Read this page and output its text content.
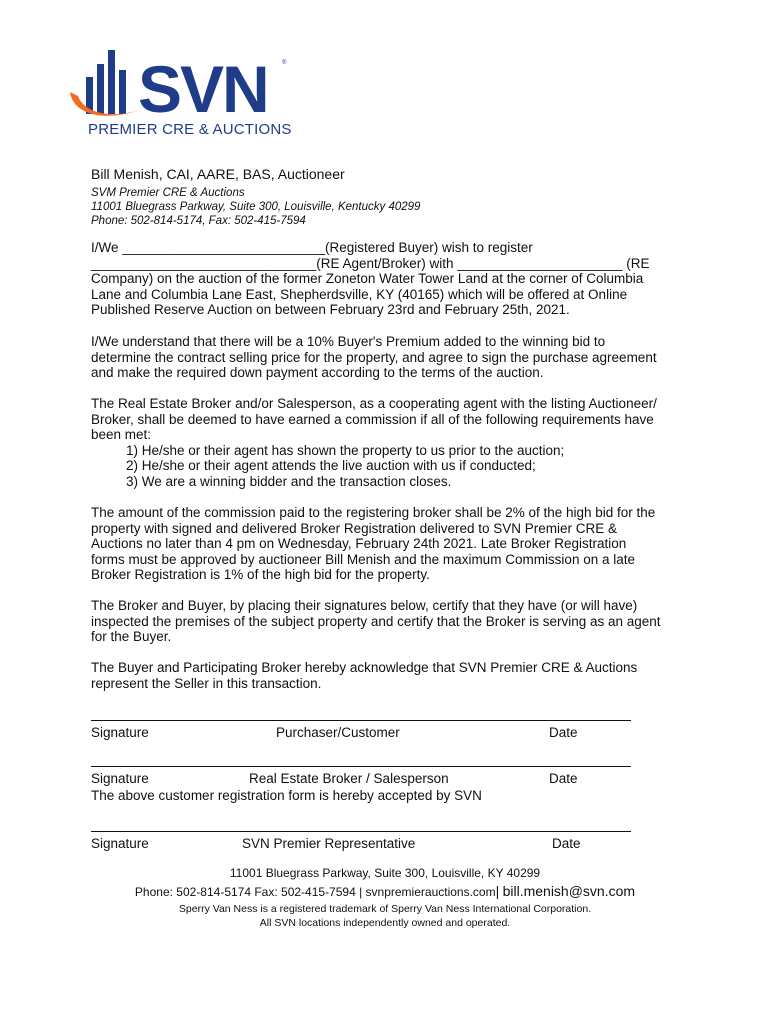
SVN ®
PREMIER CRE & AUCTIONS
Bill Menish, CAI, AARE, BAS, Auctioneer
SVM Premier CRE & Auctions
11001 Bluegrass Parkway, Suite 300, Louisville, Kentucky 40299
Phone: 502-814-5174, Fax: 502-415-7594
I/We ___________________________(Registered Buyer) wish to register
______________________________(RE Agent/Broker) with ______________________ (RE
Company) on the auction of the former Zoneton Water Tower Land at the corner of Columbia
Lane and Columbia Lane East, Shepherdsville, KY (40165) which will be offered at Online
Published Reserve Auction on between February 23rd and February 25th, 2021.
I/We understand that there will be a 10% Buyer's Premium added to the winning bid to
determine the contract selling price for the property, and agree to sign the purchase agreement
and make the required down payment according to the terms of the auction.
The Real Estate Broker and/or Salesperson, as a cooperating agent with the listing Auctioneer/
Broker, shall be deemed to have earned a commission if all of the following requirements have
been met:
1) He/she or their agent has shown the property to us prior to the auction;
2) He/she or their agent attends the live auction with us if conducted;
3) We are a winning bidder and the transaction closes.
The amount of the commission paid to the registering broker shall be 2% of the high bid for the
property with signed and delivered Broker Registration delivered to SVN Premier CRE &
Auctions no later than 4 pm on Wednesday, February 24th 2021. Late Broker Registration
forms must be approved by auctioneer Bill Menish and the maximum Commission on a late
Broker Registration is 1% of the high bid for the property.
The Broker and Buyer, by placing their signatures below, certify that they have (or will have)
inspected the premises of the subject property and certify that the Broker is serving as an agent
for the Buyer.
The Buyer and Participating Broker hereby acknowledge that SVN Premier CRE & Auctions
represent the Seller in this transaction.
Signature	Purchaser/Customer	Date
Signature	Real Estate Broker / Salesperson	Date
The above customer registration form is hereby accepted by SVN
Signature	SVN Premier Representative	Date
11001 Bluegrass Parkway, Suite 300, Louisville, KY 40299
Phone: 502-814-5174 Fax: 502-415-7594 | svnpremierauctions.com| bill.menish@svn.com
Sperry Van Ness is a registered trademark of Sperry Van Ness International Corporation.
All SVN locations independently owned and operated.
